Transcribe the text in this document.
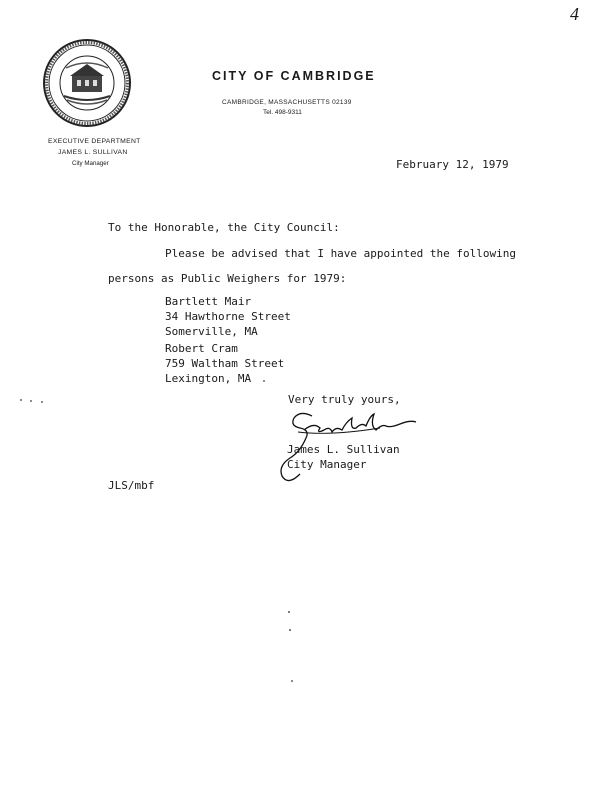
4
CITY OF CAMBRIDGE
CAMBRIDGE, MASSACHUSETTS 02139
Tel. 498-9311
EXECUTIVE DEPARTMENT
JAMES L. SULLIVAN
City Manager	February 12, 1979
To the Honorable, the City Council:
Please be advised that I have appointed the following
persons as Public Weighers for 1979:
Bartlett Mair
34 Hawthorne Street
Somerville, MA
Robert Cram
759 Waltham Street
Lexington, MA
Very truly yours,
James L. Sullivan
City Manager
JLS/mbf
